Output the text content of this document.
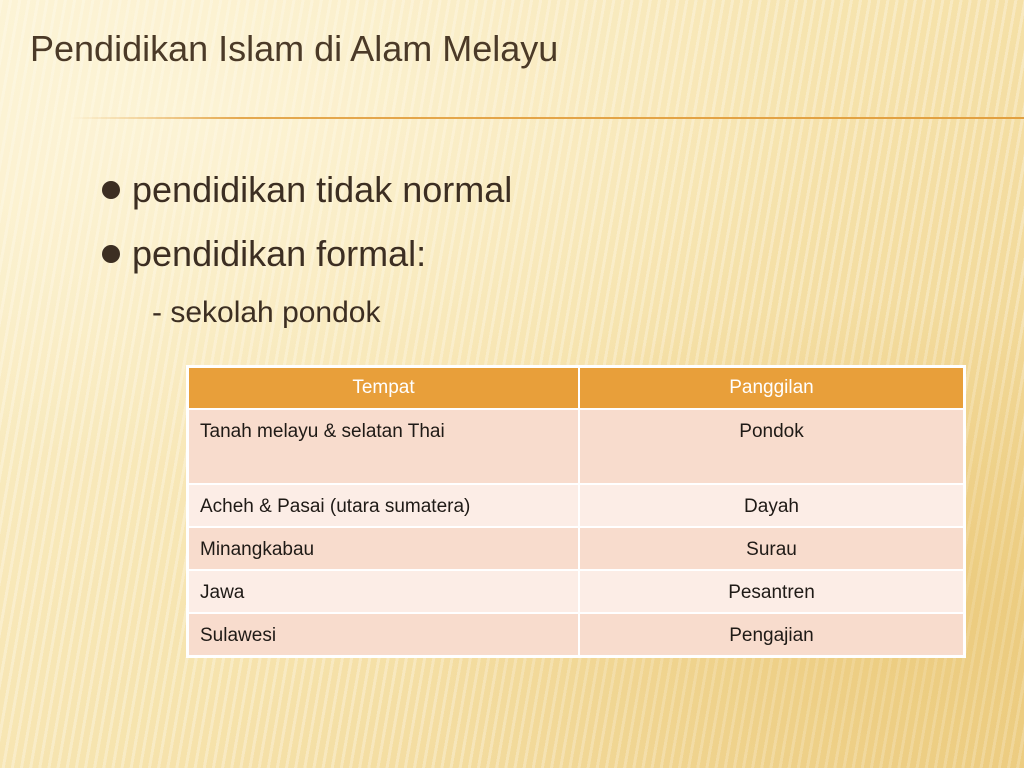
Pendidikan Islam di Alam Melayu
pendidikan tidak normal
pendidikan formal:
- sekolah pondok
Tempat	Panggilan
Tanah melayu & selatan Thai	Pondok
Acheh & Pasai (utara sumatera)	Dayah
Minangkabau	Surau
Jawa	Pesantren
Sulawesi	Pengajian
